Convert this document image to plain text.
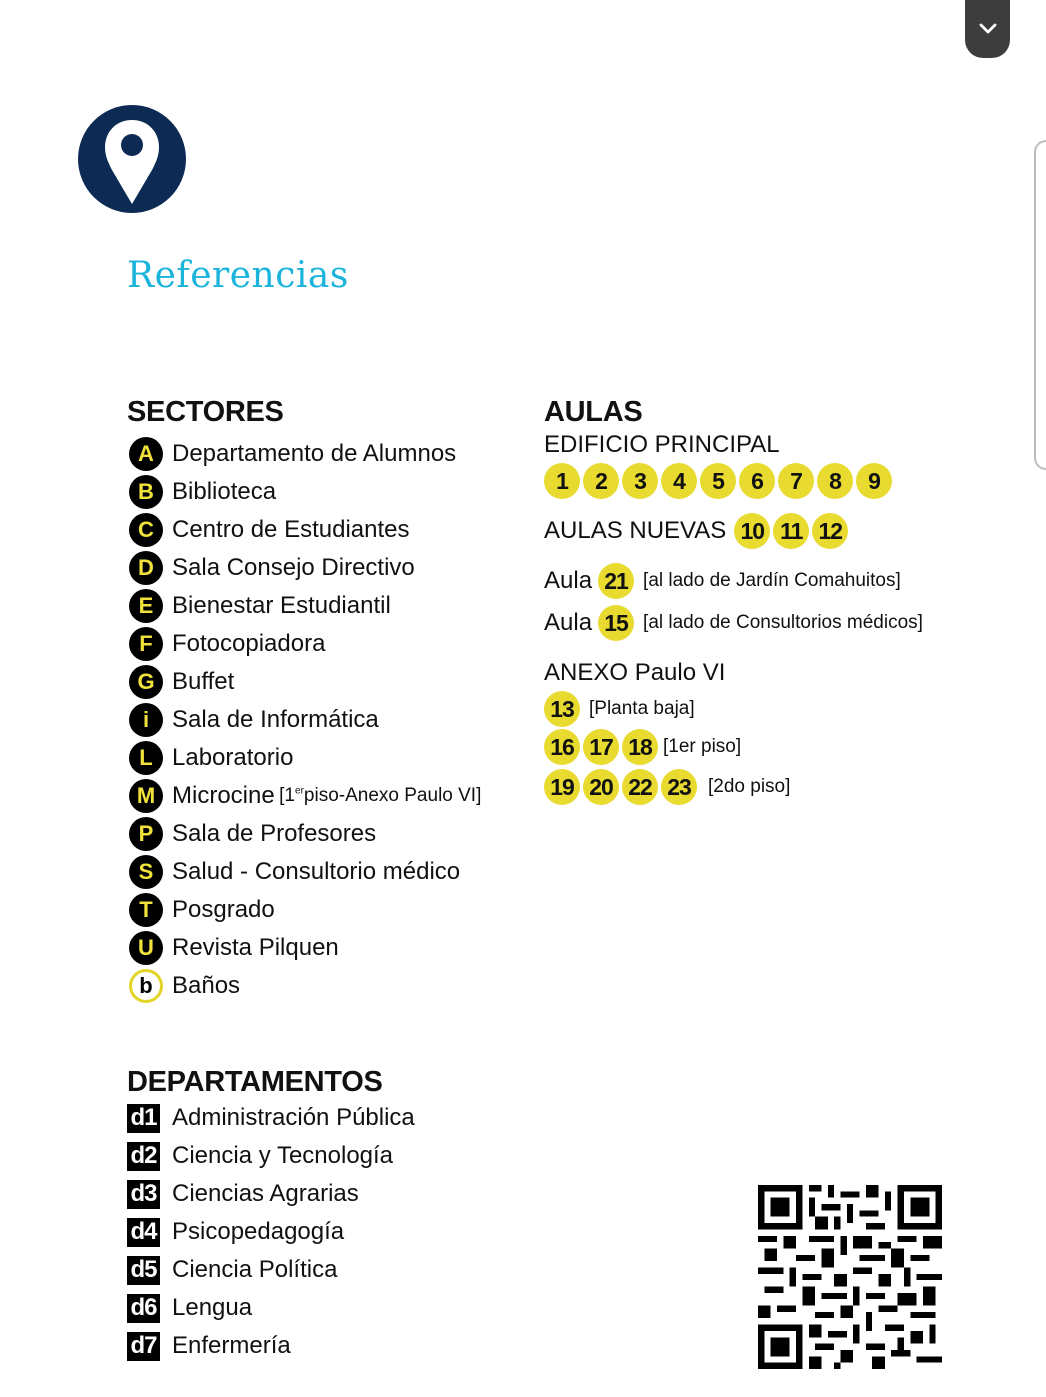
Referencias
SECTORES
A Departamento de Alumnos
B Biblioteca
C Centro de Estudiantes
D Sala Consejo Directivo
E Bienestar Estudiantil
F Fotocopiadora
G Buffet
i Sala de Informática
L Laboratorio
M Microcine
[1erpiso-Anexo Paulo VI]
P Sala de Profesores
S Salud - Consultorio médico
T Posgrado
U Revista Pilquen
b Baños
AULAS
EDIFICIO PRINCIPAL
1	2	3	4	5	6	7	8	9
AULAS NUEVAS 10 11 12
Aula 21 [al lado de Jardín Comahuitos]
Aula 15 [al lado de Consultorios médicos]
ANEXO Paulo VI
13 [Planta baja]
16 17 18 [1er piso]
19 20 22 23 [2do piso]
DEPARTAMENTOS
d1 Administración Pública
d2 Ciencia y Tecnología
d3 Ciencias Agrarias
d4 Psicopedagogía
d5 Ciencia Política
d6 Lengua
d7 Enfermería
